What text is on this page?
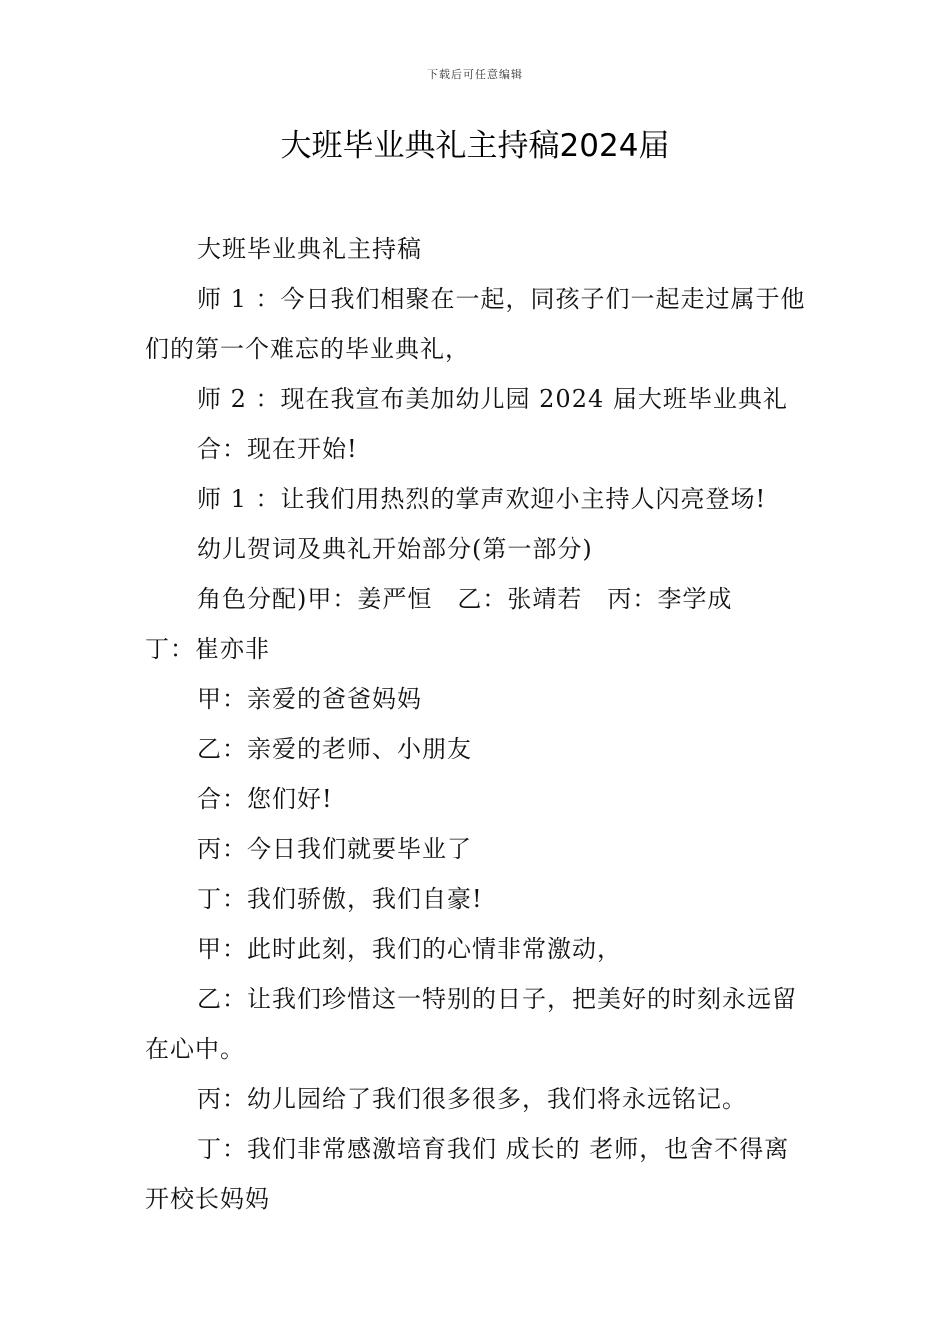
下载后可任意编辑
大班毕业典礼主持稿2024届

大班毕业典礼主持稿

师 1 ：今日我们相聚在一起，同孩子们一起走过属于他们的第一个难忘的毕业典礼，

师 2 ：现在我宣布美加幼儿园 2024 届大班毕业典礼

合：现在开始!

师 1 ：让我们用热烈的掌声欢迎小主持人闪亮登场!

幼儿贺词及典礼开始部分(第一部分)

角色分配)甲：姜严恒　乙：张靖若　丙：李学成　丁：崔亦非

甲：亲爱的爸爸妈妈

乙：亲爱的老师、小朋友

合：您们好!

丙：今日我们就要毕业了

丁：我们骄傲，我们自豪!

甲：此时此刻，我们的心情非常激动，

乙：让我们珍惜这一特别的日子，把美好的时刻永远留在心中。

丙：幼儿园给了我们很多很多，我们将永远铭记。

丁：我们非常感激培育我们 成长的 老师，也舍不得离开校长妈妈
